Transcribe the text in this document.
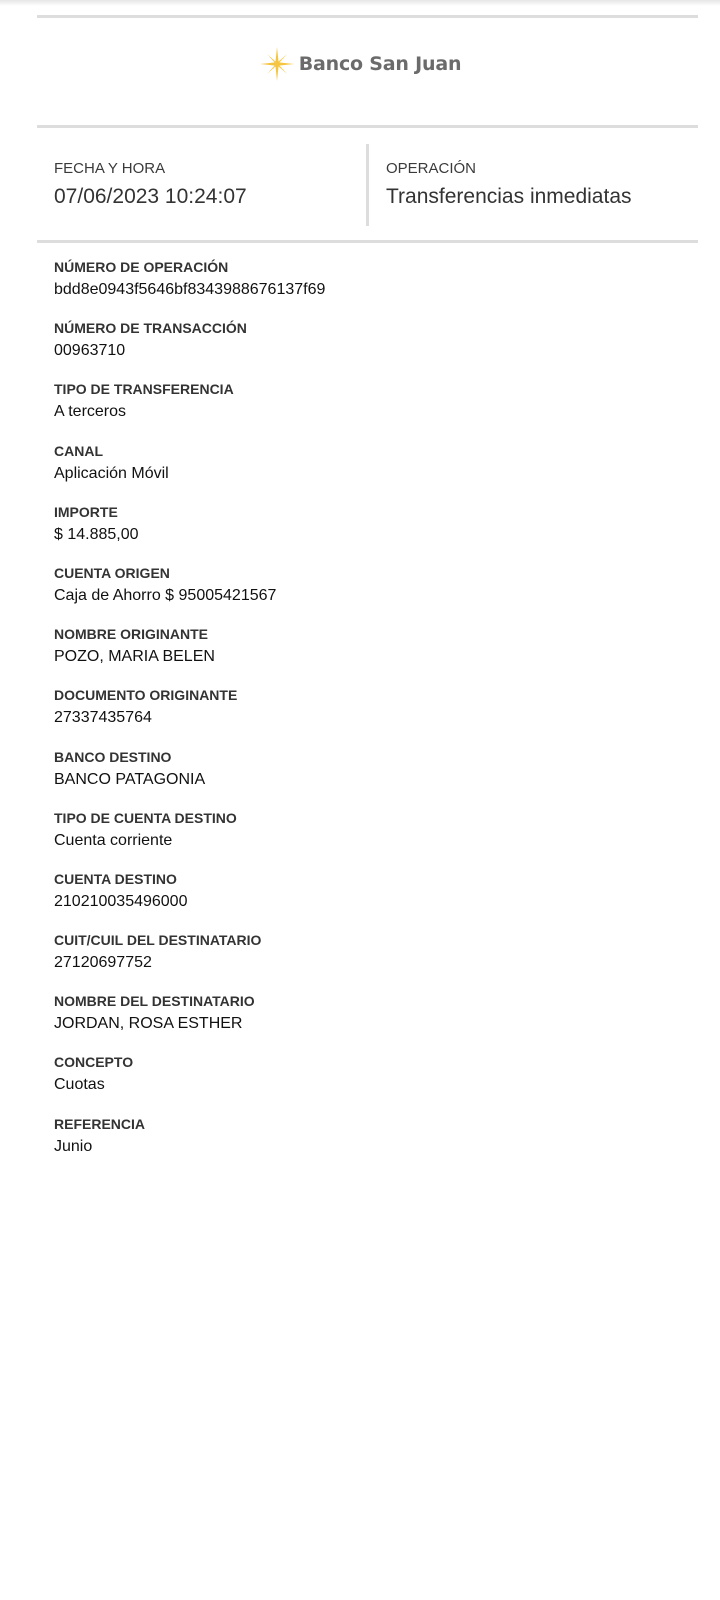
Banco San Juan
FECHA Y HORA
07/06/2023 10:24:07
OPERACIÓN
Transferencias inmediatas
NÚMERO DE OPERACIÓN
bdd8e0943f5646bf8343988676137f69
NÚMERO DE TRANSACCIÓN
00963710
TIPO DE TRANSFERENCIA
A terceros
CANAL
Aplicación Móvil
IMPORTE
$ 14.885,00
CUENTA ORIGEN
Caja de Ahorro $ 95005421567
NOMBRE ORIGINANTE
POZO, MARIA BELEN
DOCUMENTO ORIGINANTE
27337435764
BANCO DESTINO
BANCO PATAGONIA
TIPO DE CUENTA DESTINO
Cuenta corriente
CUENTA DESTINO
210210035496000
CUIT/CUIL DEL DESTINATARIO
27120697752
NOMBRE DEL DESTINATARIO
JORDAN, ROSA ESTHER
CONCEPTO
Cuotas
REFERENCIA
Junio
